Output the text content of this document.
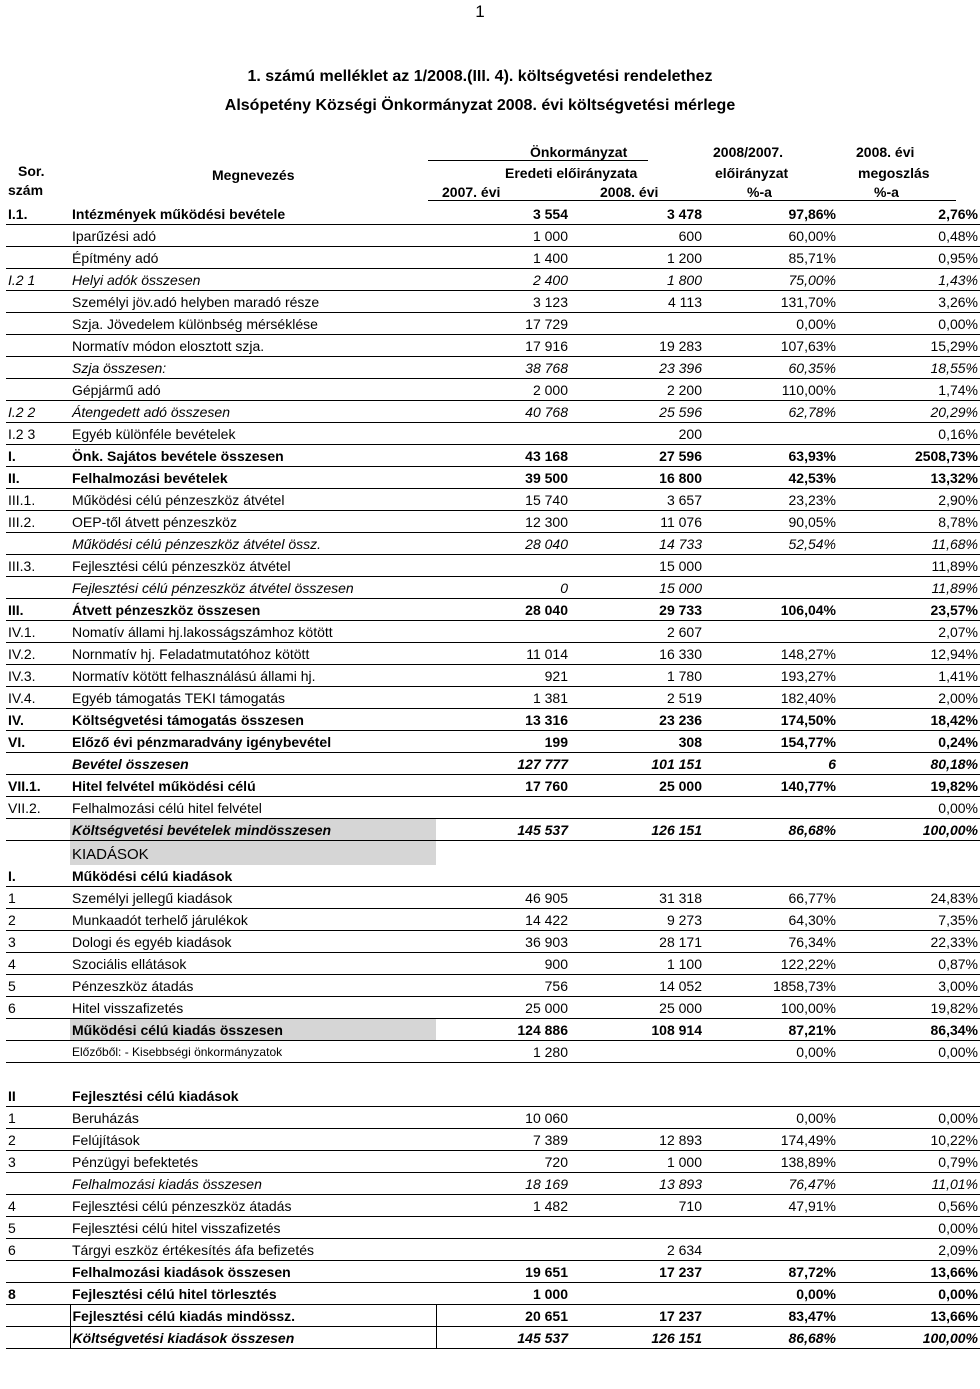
1
1. számú melléklet az 1/2008.(III. 4). költségvetési rendelethez
Alsópetény Községi Önkormányzat 2008. évi költségvetési mérlege
Sor.
szám
Megnevezés
Önkormányzat
Eredeti előirányzata
2007. évi	2008. évi
2008/2007.
előirányzat
%-a
2008. évi
megoszlás
%-a
I.1.	Intézmények működési bevétele	3 554	3 478	97,86%	2,76%
	Iparűzési adó	1 000	600	60,00%	0,48%
	Építmény adó	1 400	1 200	85,71%	0,95%
I.2 1	Helyi adók összesen	2 400	1 800	75,00%	1,43%
	Személyi jöv.adó helyben maradó része	3 123	4 113	131,70%	3,26%
	Szja. Jövedelem különbség mérséklése	17 729		0,00%	0,00%
	Normatív módon elosztott szja.	17 916	19 283	107,63%	15,29%
	Szja összesen:	38 768	23 396	60,35%	18,55%
	Gépjármű adó	2 000	2 200	110,00%	1,74%
I.2 2	Átengedett adó összesen	40 768	25 596	62,78%	20,29%
I.2 3	Egyéb különféle bevételek		200		0,16%
I.	Önk. Sajátos bevétele összesen	43 168	27 596	63,93%	2508,73%
II.	Felhalmozási bevételek	39 500	16 800	42,53%	13,32%
III.1.	Működési célú pénzeszköz átvétel	15 740	3 657	23,23%	2,90%
III.2.	OEP-től átvett pénzeszköz	12 300	11 076	90,05%	8,78%
	Működési célú pénzeszköz átvétel össz.	28 040	14 733	52,54%	11,68%
III.3.	Fejlesztési célú pénzeszköz átvétel		15 000		11,89%
	Fejlesztési célú pénzeszköz átvétel összesen	0	15 000		11,89%
III.	Átvett pénzeszköz összesen	28 040	29 733	106,04%	23,57%
IV.1.	Nomatív állami hj.lakosságszámhoz kötött		2 607		2,07%
IV.2.	Nornmatív hj. Feladatmutatóhoz kötött	11 014	16 330	148,27%	12,94%
IV.3.	Normatív kötött felhasználású állami hj.	921	1 780	193,27%	1,41%
IV.4.	Egyéb támogatás TEKI támogatás	1 381	2 519	182,40%	2,00%
IV.	Költségvetési támogatás összesen	13 316	23 236	174,50%	18,42%
VI.	Előző évi pénzmaradvány igénybevétel	199	308	154,77%	0,24%
	Bevétel összesen	127 777	101 151	6	80,18%
VII.1.	Hitel felvétel működési célú	17 760	25 000	140,77%	19,82%
VII.2.	Felhalmozási célú hitel felvétel				0,00%
	Költségvetési bevételek mindösszesen	145 537	126 151	86,68%	100,00%
	KIADÁSOK				
I.	Működési célú kiadások				
1	Személyi jellegű kiadások	46 905	31 318	66,77%	24,83%
2	Munkaadót terhelő járulékok	14 422	9 273	64,30%	7,35%
3	Dologi és egyéb kiadások	36 903	28 171	76,34%	22,33%
4	Szociális ellátások	900	1 100	122,22%	0,87%
5	Pénzeszköz átadás	756	14 052	1858,73%	3,00%
6	Hitel visszafizetés	25 000	25 000	100,00%	19,82%
	Működési célú kiadás összesen	124 886	108 914	87,21%	86,34%
	Előzőből: - Kisebbségi önkormányzatok	1 280		0,00%	0,00%

II	Fejlesztési célú kiadások				
1	Beruházás	10 060		0,00%	0,00%
2	Felújítások	7 389	12 893	174,49%	10,22%
3	Pénzügyi befektetés	720	1 000	138,89%	0,79%
	Felhalmozási kiadás összesen	18 169	13 893	76,47%	11,01%
4	Fejlesztési célú pénzeszköz átadás	1 482	710	47,91%	0,56%
5	Fejlesztési célú hitel visszafizetés				0,00%
6	Tárgyi eszköz értékesítés áfa befizetés		2 634		2,09%
	Felhalmozási kiadások összesen	19 651	17 237	87,72%	13,66%
8	Fejlesztési célú hitel törlesztés	1 000		0,00%	0,00%
	Fejlesztési célú kiadás mindössz.	20 651	17 237	83,47%	13,66%
	Költségvetési kiadások összesen	145 537	126 151	86,68%	100,00%
